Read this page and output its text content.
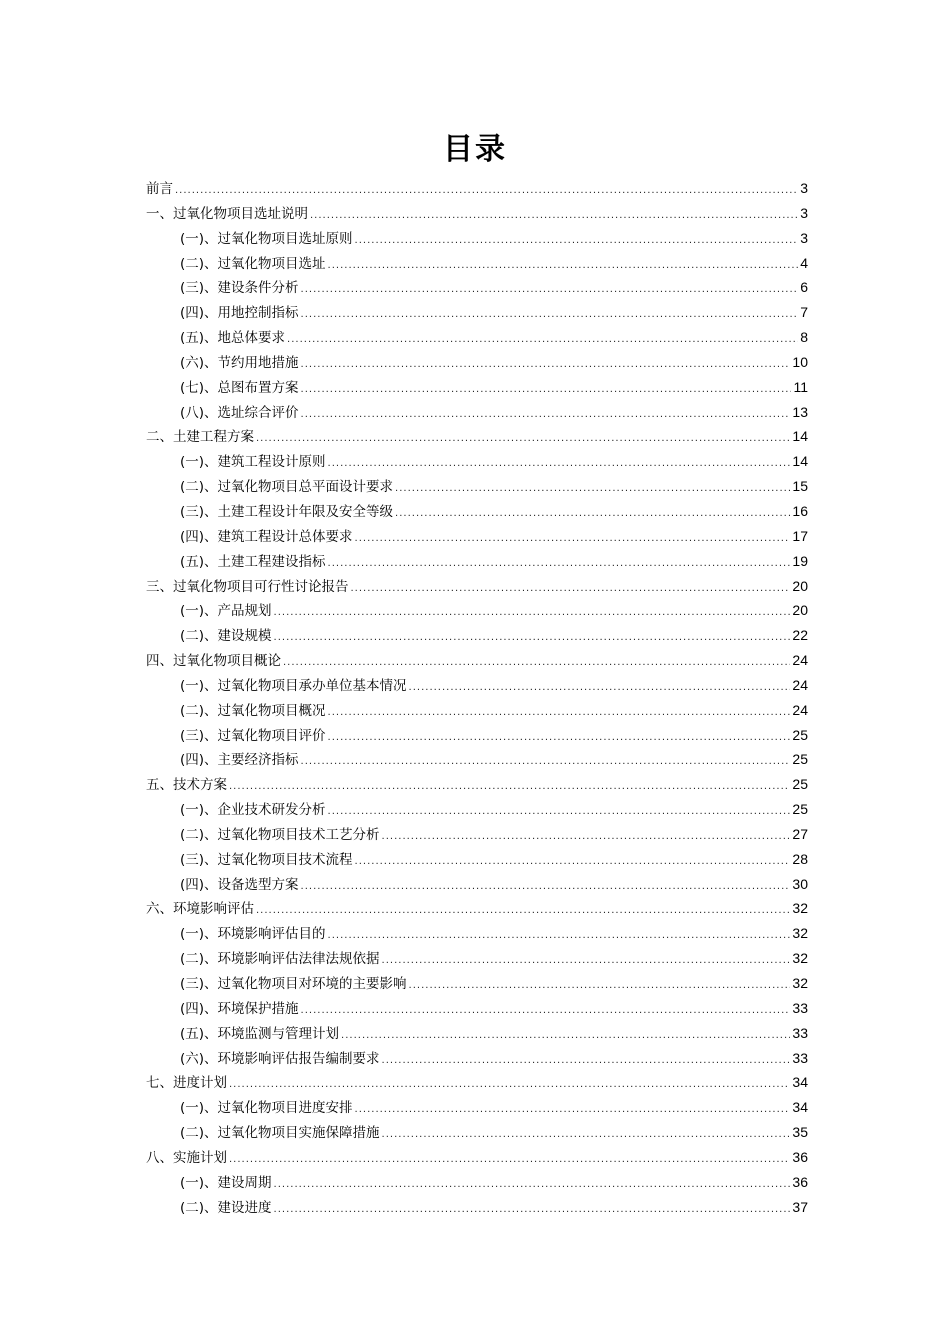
目录
前言 .....	3
一、过氧化物项目选址说明 .....	3
(一)、过氧化物项目选址原则 .....	3
(二)、过氧化物项目选址 .....	4
(三)、建设条件分析 .....	6
(四)、用地控制指标 .....	7
(五)、地总体要求 .....	8
(六)、节约用地措施 .....	10
(七)、总图布置方案 .....	11
(八)、选址综合评价 .....	13
二、土建工程方案 .....	14
(一)、建筑工程设计原则 .....	14
(二)、过氧化物项目总平面设计要求 .....	15
(三)、土建工程设计年限及安全等级 .....	16
(四)、建筑工程设计总体要求 .....	17
(五)、土建工程建设指标 .....	19
三、过氧化物项目可行性讨论报告 .....	20
(一)、产品规划 .....	20
(二)、建设规模 .....	22
四、过氧化物项目概论 .....	24
(一)、过氧化物项目承办单位基本情况 .....	24
(二)、过氧化物项目概况 .....	24
(三)、过氧化物项目评价 .....	25
(四)、主要经济指标 .....	25
五、技术方案 .....	25
(一)、企业技术研发分析 .....	25
(二)、过氧化物项目技术工艺分析 .....	27
(三)、过氧化物项目技术流程 .....	28
(四)、设备选型方案 .....	30
六、环境影响评估 .....	32
(一)、环境影响评估目的 .....	32
(二)、环境影响评估法律法规依据 .....	32
(三)、过氧化物项目对环境的主要影响 .....	32
(四)、环境保护措施 .....	33
(五)、环境监测与管理计划 .....	33
(六)、环境影响评估报告编制要求 .....	33
七、进度计划 .....	34
(一)、过氧化物项目进度安排 .....	34
(二)、过氧化物项目实施保障措施 .....	35
八、实施计划 .....	36
(一)、建设周期 .....	36
(二)、建设进度 .....	37
